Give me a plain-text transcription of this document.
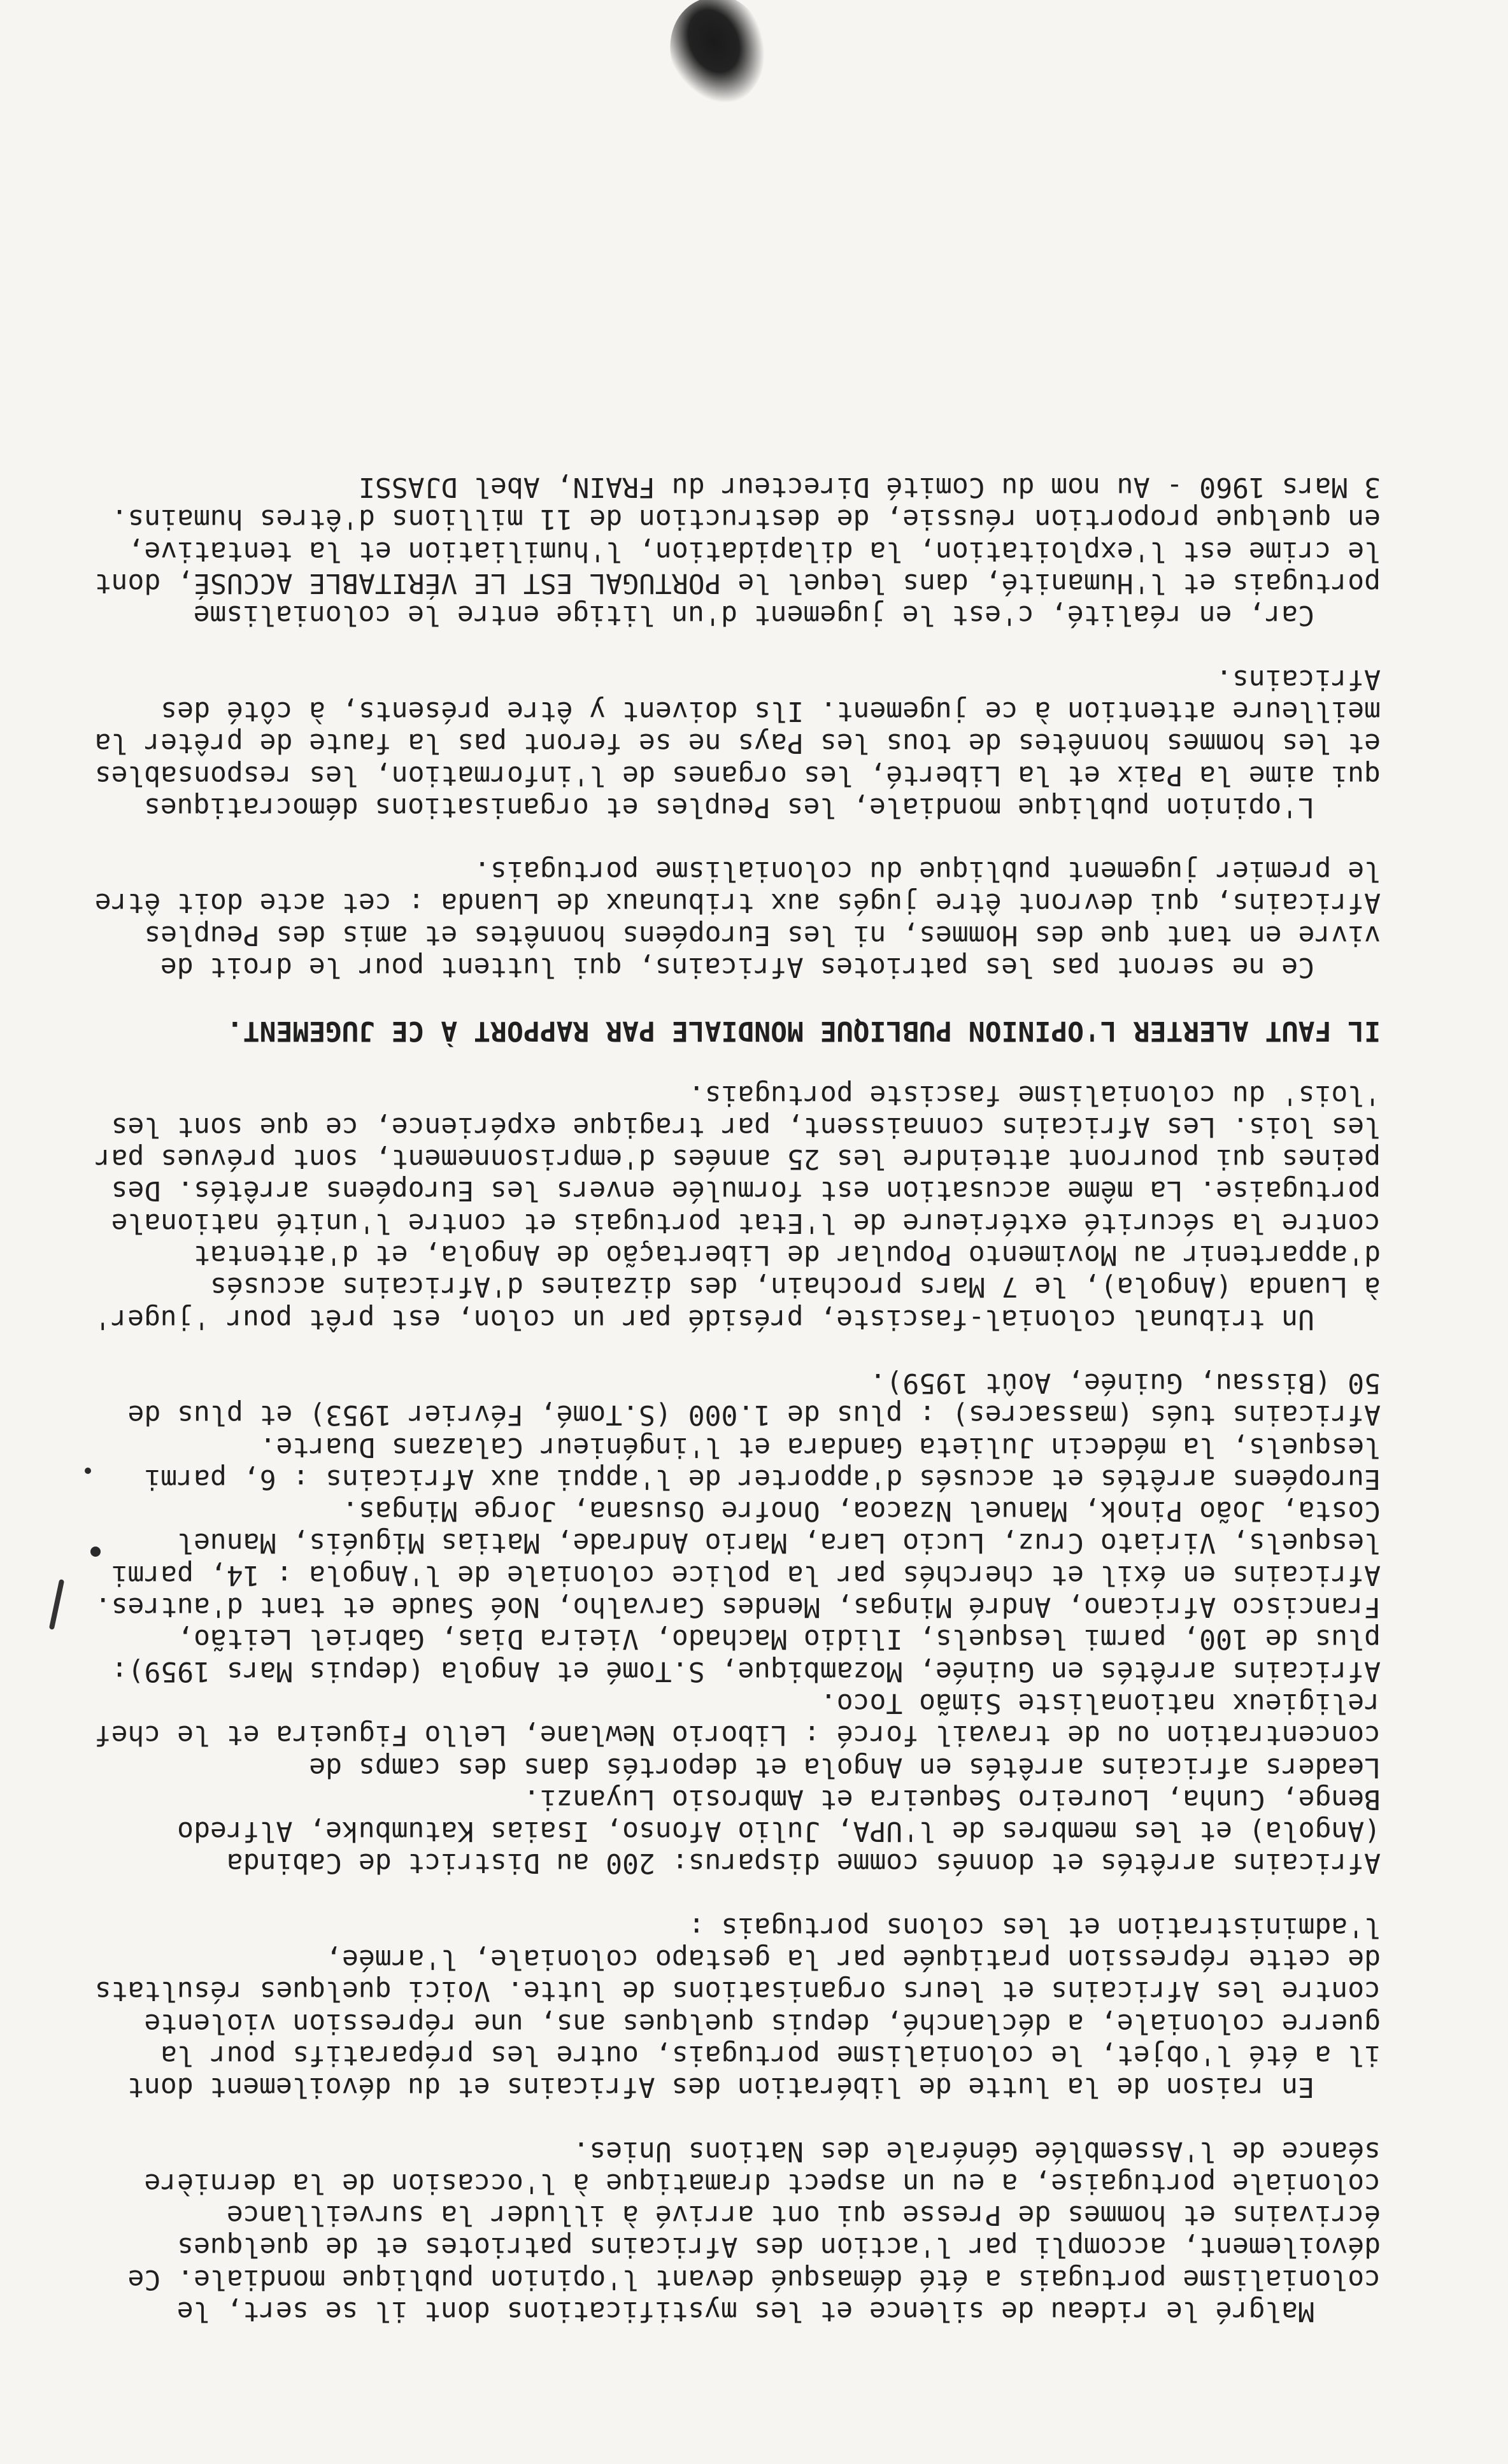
Malgré le rideau de silence et les mystifications dont il se sert, le colonialisme portugais a été démasqué devant l'opinion publique mondiale. Ce dévoilement, accompli par l'action des Africains patriotes et de quelques écrivains et hommes de Presse qui ont arrivé à illuder la surveillance coloniale portugaise, a eu un aspect dramatique à l'occasion de la dernière séance de l'Assemblée Générale des Nations Unies.

En raison de la lutte de libération des Africains et du dévoilement dont il a été l'objet, le colonialisme portugais, outre les préparatifs pour la guerre coloniale, a déclanché, depuis quelques ans, une répression violente contre les Africains et leurs organisations de lutte. Voici quelques résultats de cette répression pratiquée par la gestapo coloniale, l'armée, l'administration et les colons portugais :

Africains arrêtés et donnés comme disparus: 200 au District de Cabinda (Angola) et les membres de l'UPA, Julio Afonso, Isaias Katumbuke, Alfredo Benge, Cunha, Loureiro Sequeira et Ambrosio Luyanzi.

Leaders africains arrêtés en Angola et deportés dans des camps de concentration ou de travail forcé : Liborio Newlane, Lello Figueira et le chef religieux nationaliste Simão Toco.

Africains arrêtés en Guinée, Mozambique, S.Tomé et Angola (depuis Mars 1959): plus de 100, parmi lesquels, Ilidio Machado, Vieira Dias, Gabriel Leitão, Francisco Africano, André Mingas, Mendes Carvalho, Noé Saude et tant d'autres.

Africains en éxil et cherchés par la police coloniale de l'Angola : 14, parmi lesquels, Viriato Cruz, Lucio Lara, Mario Andrade, Matias Miguéis, Manuel Costa, João Pinok, Manuel Nzacoa, Onofre Osusana, Jorge Mingas.

Européens arrêtés et accusés d'apporter de l'appui aux Africains : 6, parmi lesquels, la médecin Julieta Gandara et l'ingénieur Calazans Duarte.

Africains tués (massacres) : plus de 1.000 (S.Tomé, Février 1953) et plus de 50 (Bissau, Guinée, Août 1959).

Un tribunal colonial-fasciste, présidé par un colon, est prêt pour 'juger' à Luanda (Angola), le 7 Mars prochain, des dizaines d'Africains accusés d'appartenir au Movimento Popular de Libertação de Angola, et d'attentat contre la sécurité extérieure de l'Etat portugais et contre l'unité nationale portugaise. La même accusation est formulée envers les Européens arrêtés. Des peines qui pourront atteindre les 25 années d'emprisonnement, sont prévues par les lois. Les Africains connaissent, par tragique expérience, ce que sont les 'lois' du colonialisme fasciste portugais.

IL FAUT ALERTER L'OPINION PUBLIQUE MONDIALE PAR RAPPORT À CE JUGEMENT.

Ce ne seront pas les patriotes Africains, qui luttent pour le droit de vivre en tant que des Hommes, ni les Européens honnêtes et amis des Peuples Africains, qui devront être jugés aux tribunaux de Luanda : cet acte doit être le premier jugement publique du colonialisme portugais.

L'opinion publique mondiale, les Peuples et organisations démocratiques qui aime la Paix et la Liberté, les organes de l'information, les responsables et les hommes honnêtes de tous les Pays ne se feront pas la faute de prêter la meilleure attention à ce jugement. Ils doivent y être présents, à côté des Africains.

Car, en réalité, c'est le jugement d'un litige entre le colonialisme portugais et l'Humanité, dans lequel le PORTUGAL EST LE VÉRITABLE ACCUSÉ, dont le crime est l'exploitation, la dilapidation, l'humiliation et la tentative, en quelque proportion réussie, de destruction de 11 millions d'êtres humains.

3 Mars 1960 - Au nom du Comité Directeur du FRAIN, Abel DJASSI
